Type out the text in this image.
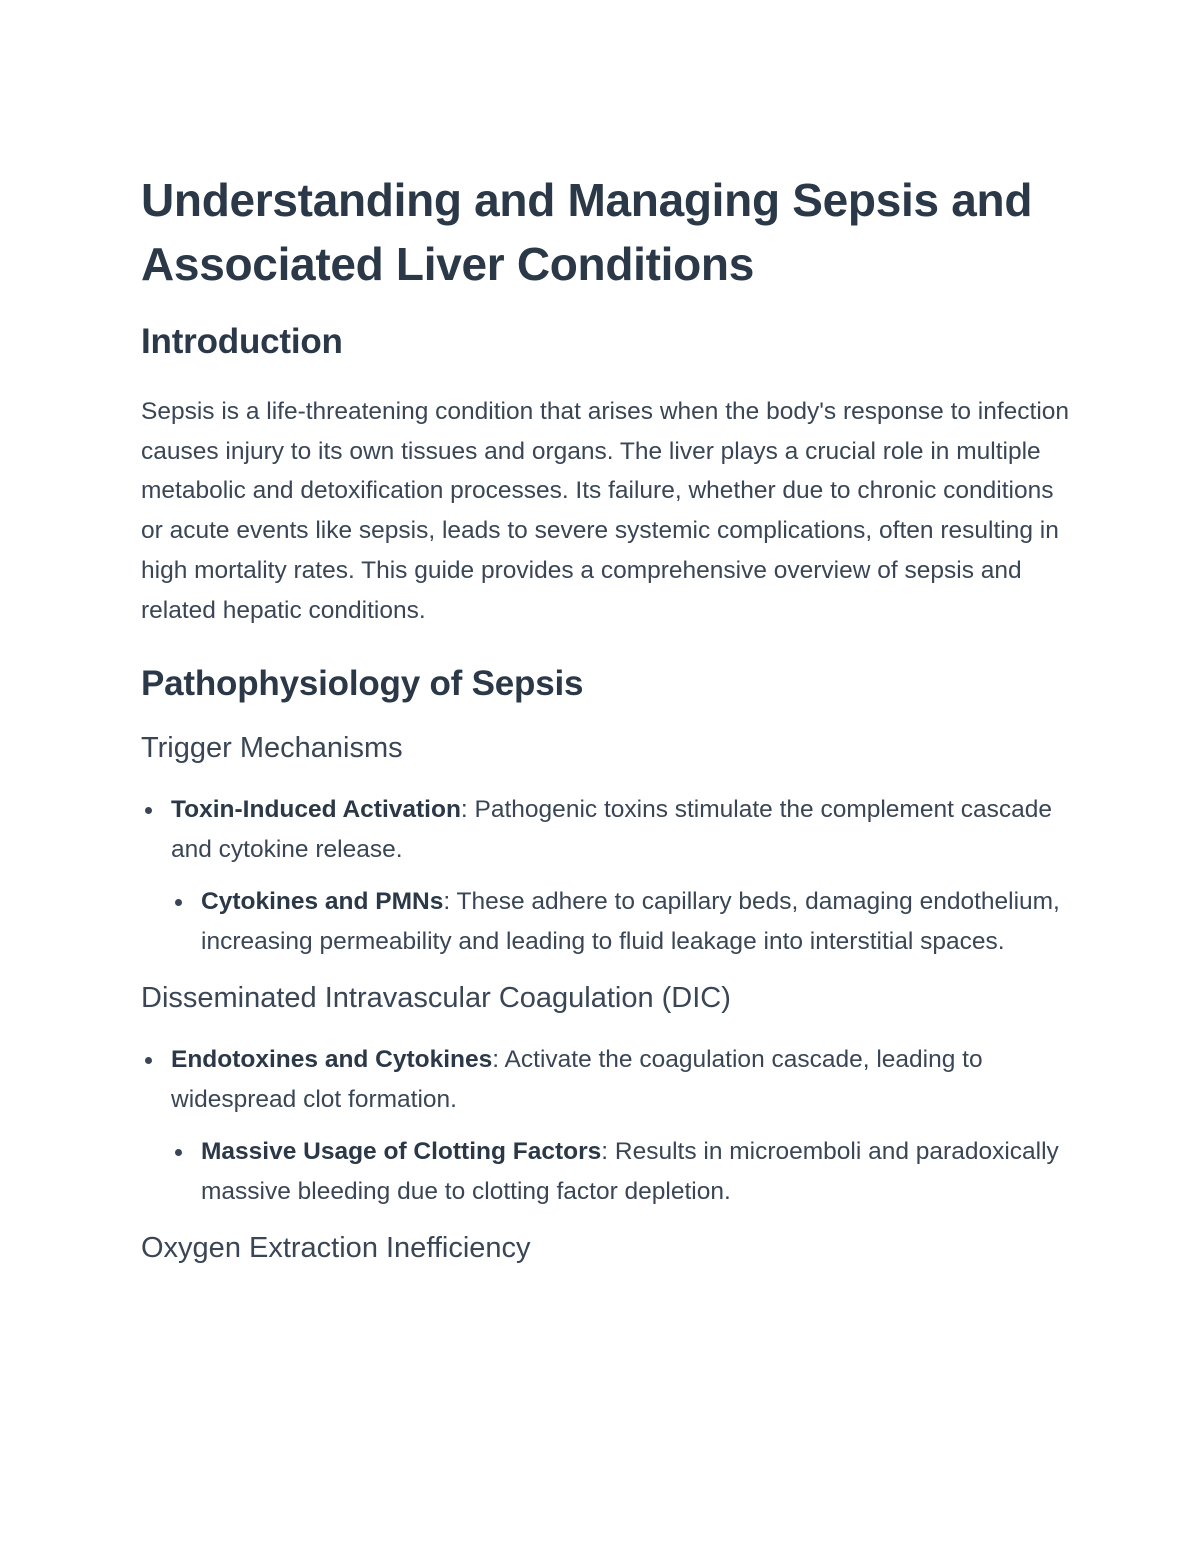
Understanding and Managing Sepsis and Associated Liver Conditions
Introduction

Sepsis is a life-threatening condition that arises when the body's response to infection causes injury to its own tissues and organs. The liver plays a crucial role in multiple metabolic and detoxification processes. Its failure, whether due to chronic conditions or acute events like sepsis, leads to severe systemic complications, often resulting in high mortality rates. This guide provides a comprehensive overview of sepsis and related hepatic conditions.

Pathophysiology of Sepsis
Trigger Mechanisms
Toxin-Induced Activation: Pathogenic toxins stimulate the complement cascade and cytokine release.
Cytokines and PMNs: These adhere to capillary beds, damaging endothelium, increasing permeability and leading to fluid leakage into interstitial spaces.
Disseminated Intravascular Coagulation (DIC)
Endotoxines and Cytokines: Activate the coagulation cascade, leading to widespread clot formation.
Massive Usage of Clotting Factors: Results in microemboli and paradoxically massive bleeding due to clotting factor depletion.
Oxygen Extraction Inefficiency
